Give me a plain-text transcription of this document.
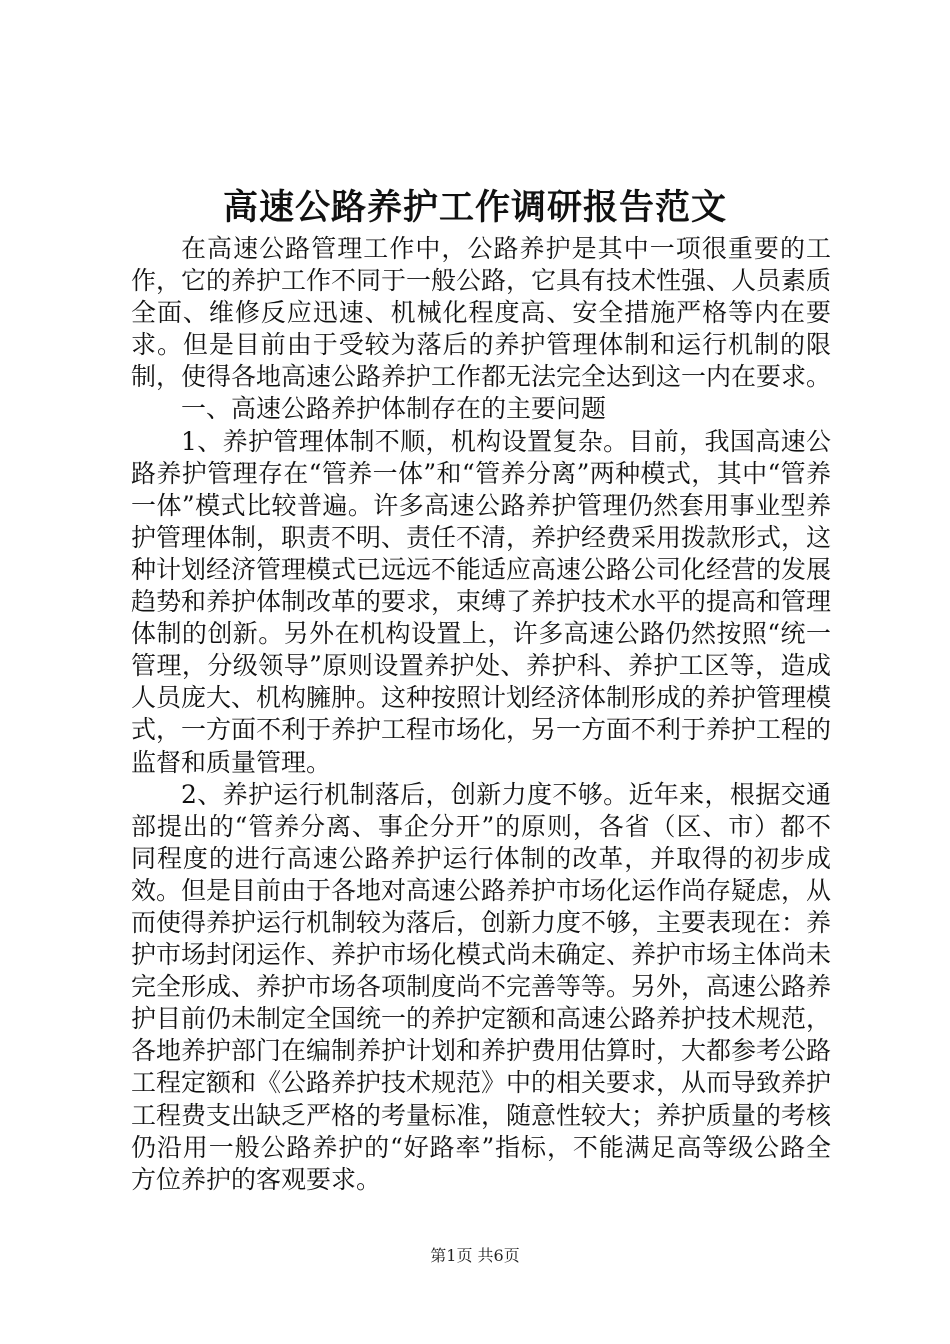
高速公路养护工作调研报告范文

在高速公路管理工作中，公路养护是其中一项很重要的工作，它的养护工作不同于一般公路，它具有技术性强、人员素质全面、维修反应迅速、机械化程度高、安全措施严格等内在要求。但是目前由于受较为落后的养护管理体制和运行机制的限制，使得各地高速公路养护工作都无法完全达到这一内在要求。

一、高速公路养护体制存在的主要问题

1、养护管理体制不顺，机构设置复杂。目前，我国高速公路养护管理存在“管养一体”和“管养分离”两种模式，其中“管养一体”模式比较普遍。许多高速公路养护管理仍然套用事业型养护管理体制，职责不明、责任不清，养护经费采用拨款形式，这种计划经济管理模式已远远不能适应高速公路公司化经营的发展趋势和养护体制改革的要求，束缚了养护技术水平的提高和管理体制的创新。另外在机构设置上，许多高速公路仍然按照“统一管理，分级领导”原则设置养护处、养护科、养护工区等，造成人员庞大、机构臃肿。这种按照计划经济体制形成的养护管理模式，一方面不利于养护工程市场化，另一方面不利于养护工程的监督和质量管理。

2、养护运行机制落后，创新力度不够。近年来，根据交通部提出的“管养分离、事企分开”的原则，各省（区、市）都不同程度的进行高速公路养护运行体制的改革，并取得的初步成效。但是目前由于各地对高速公路养护市场化运作尚存疑虑，从而使得养护运行机制较为落后，创新力度不够，主要表现在：养护市场封闭运作、养护市场化模式尚未确定、养护市场主体尚未完全形成、养护市场各项制度尚不完善等等。另外，高速公路养护目前仍未制定全国统一的养护定额和高速公路养护技术规范，各地养护部门在编制养护计划和养护费用估算时，大都参考公路工程定额和《公路养护技术规范》中的相关要求，从而导致养护工程费支出缺乏严格的考量标准，随意性较大；养护质量的考核仍沿用一般公路养护的“好路率”指标，不能满足高等级公路全方位养护的客观要求。

第1页 共6页
